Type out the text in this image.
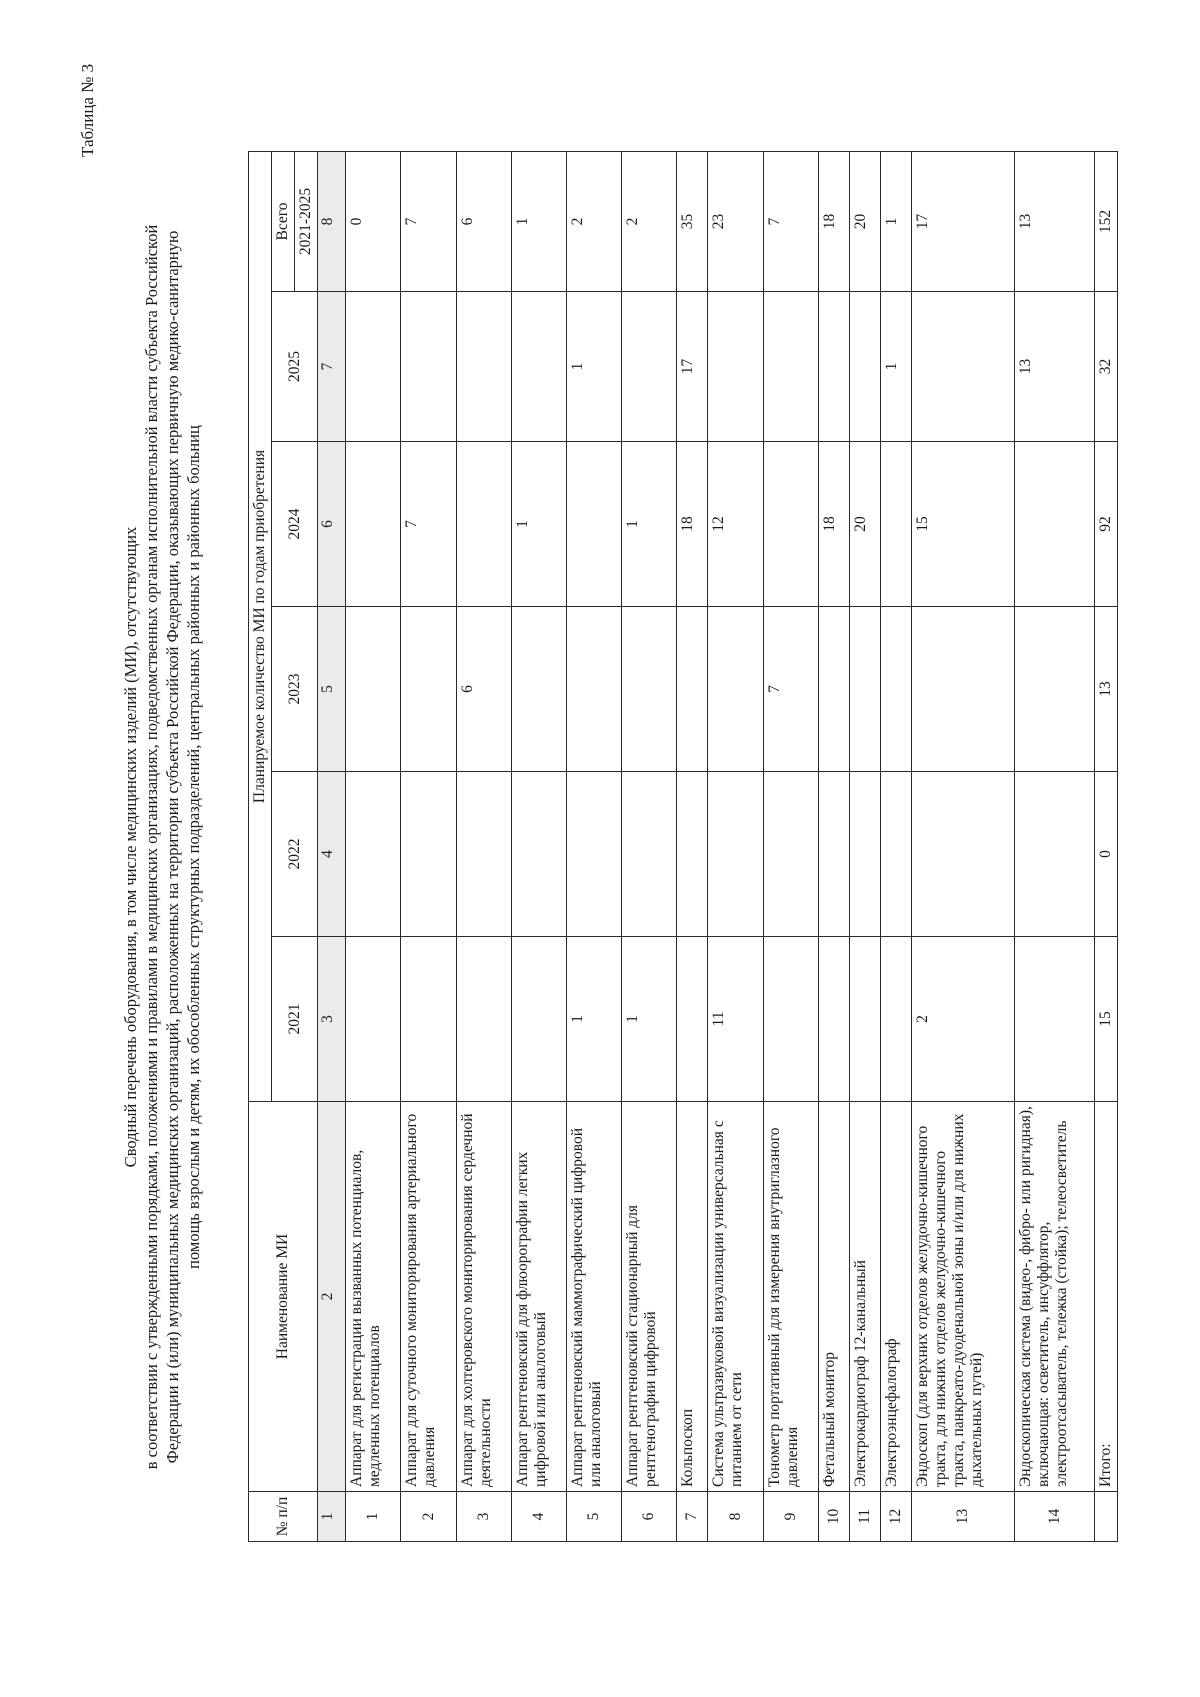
Таблица № 3
Сводный перечень оборудования, в том числе медицинских изделий (МИ), отсутствующих в соответствии с утвержденными порядками, положениями и правилами в медицинских организациях, подведомственных органам исполнительной власти субъекта Российской Федерации и (или) муниципальных медицинских организаций, расположенных на территории субъекта Российской Федерации, оказывающих первичную медико-санитарную помощь взрослым и детям, их обособленных структурных подразделений, центральных районных и районных больниц
№ п/п	Наименование МИ	Планируемое количество МИ по годам приобретения					
		2021	2022	2023	2024	2025	Всего
							2021-2025
1	2	3	4	5	6	7	8
1	Аппарат для регистрации вызванных потенциалов, медленных потенциалов						0
2	Аппарат для суточного мониторирования артериального давления				7		7
3	Аппарат для холтеровского мониторирования сердечной деятельности			6			6
4	Аппарат рентгеновский для флюорографии легких цифровой или аналоговый				1		1
5	Аппарат рентгеновский маммографический цифровой или аналоговый	1				1	2
6	Аппарат рентгеновский стационарный для рентгенографии цифровой	1			1		2
7	Кольпоскоп				18	17	35
8	Система ультразвуковой визуализации универсальная с питанием от сети	11			12		23
9	Тонометр портативный для измерения внутриглазного давления			7			7
10	Фетальный монитор				18		18
11	Электрокардиограф 12-канальный				20		20
12	Электроэнцефалограф					1	1
13	Эндоскоп (для верхних отделов желудочно-кишечного тракта, для нижних отделов желудочно-кишечного тракта, панкреато-дуоденальной зоны и/или для нижних дыхательных путей)	2			15		17
14	Эндоскопическая система (видео-, фибро- или ригидная), включающая: осветитель, инсуффлятор, электроотсасыватель, тележка (стойка); телеосветитель					13	13
	Итого:	15	0	13	92	32	152
